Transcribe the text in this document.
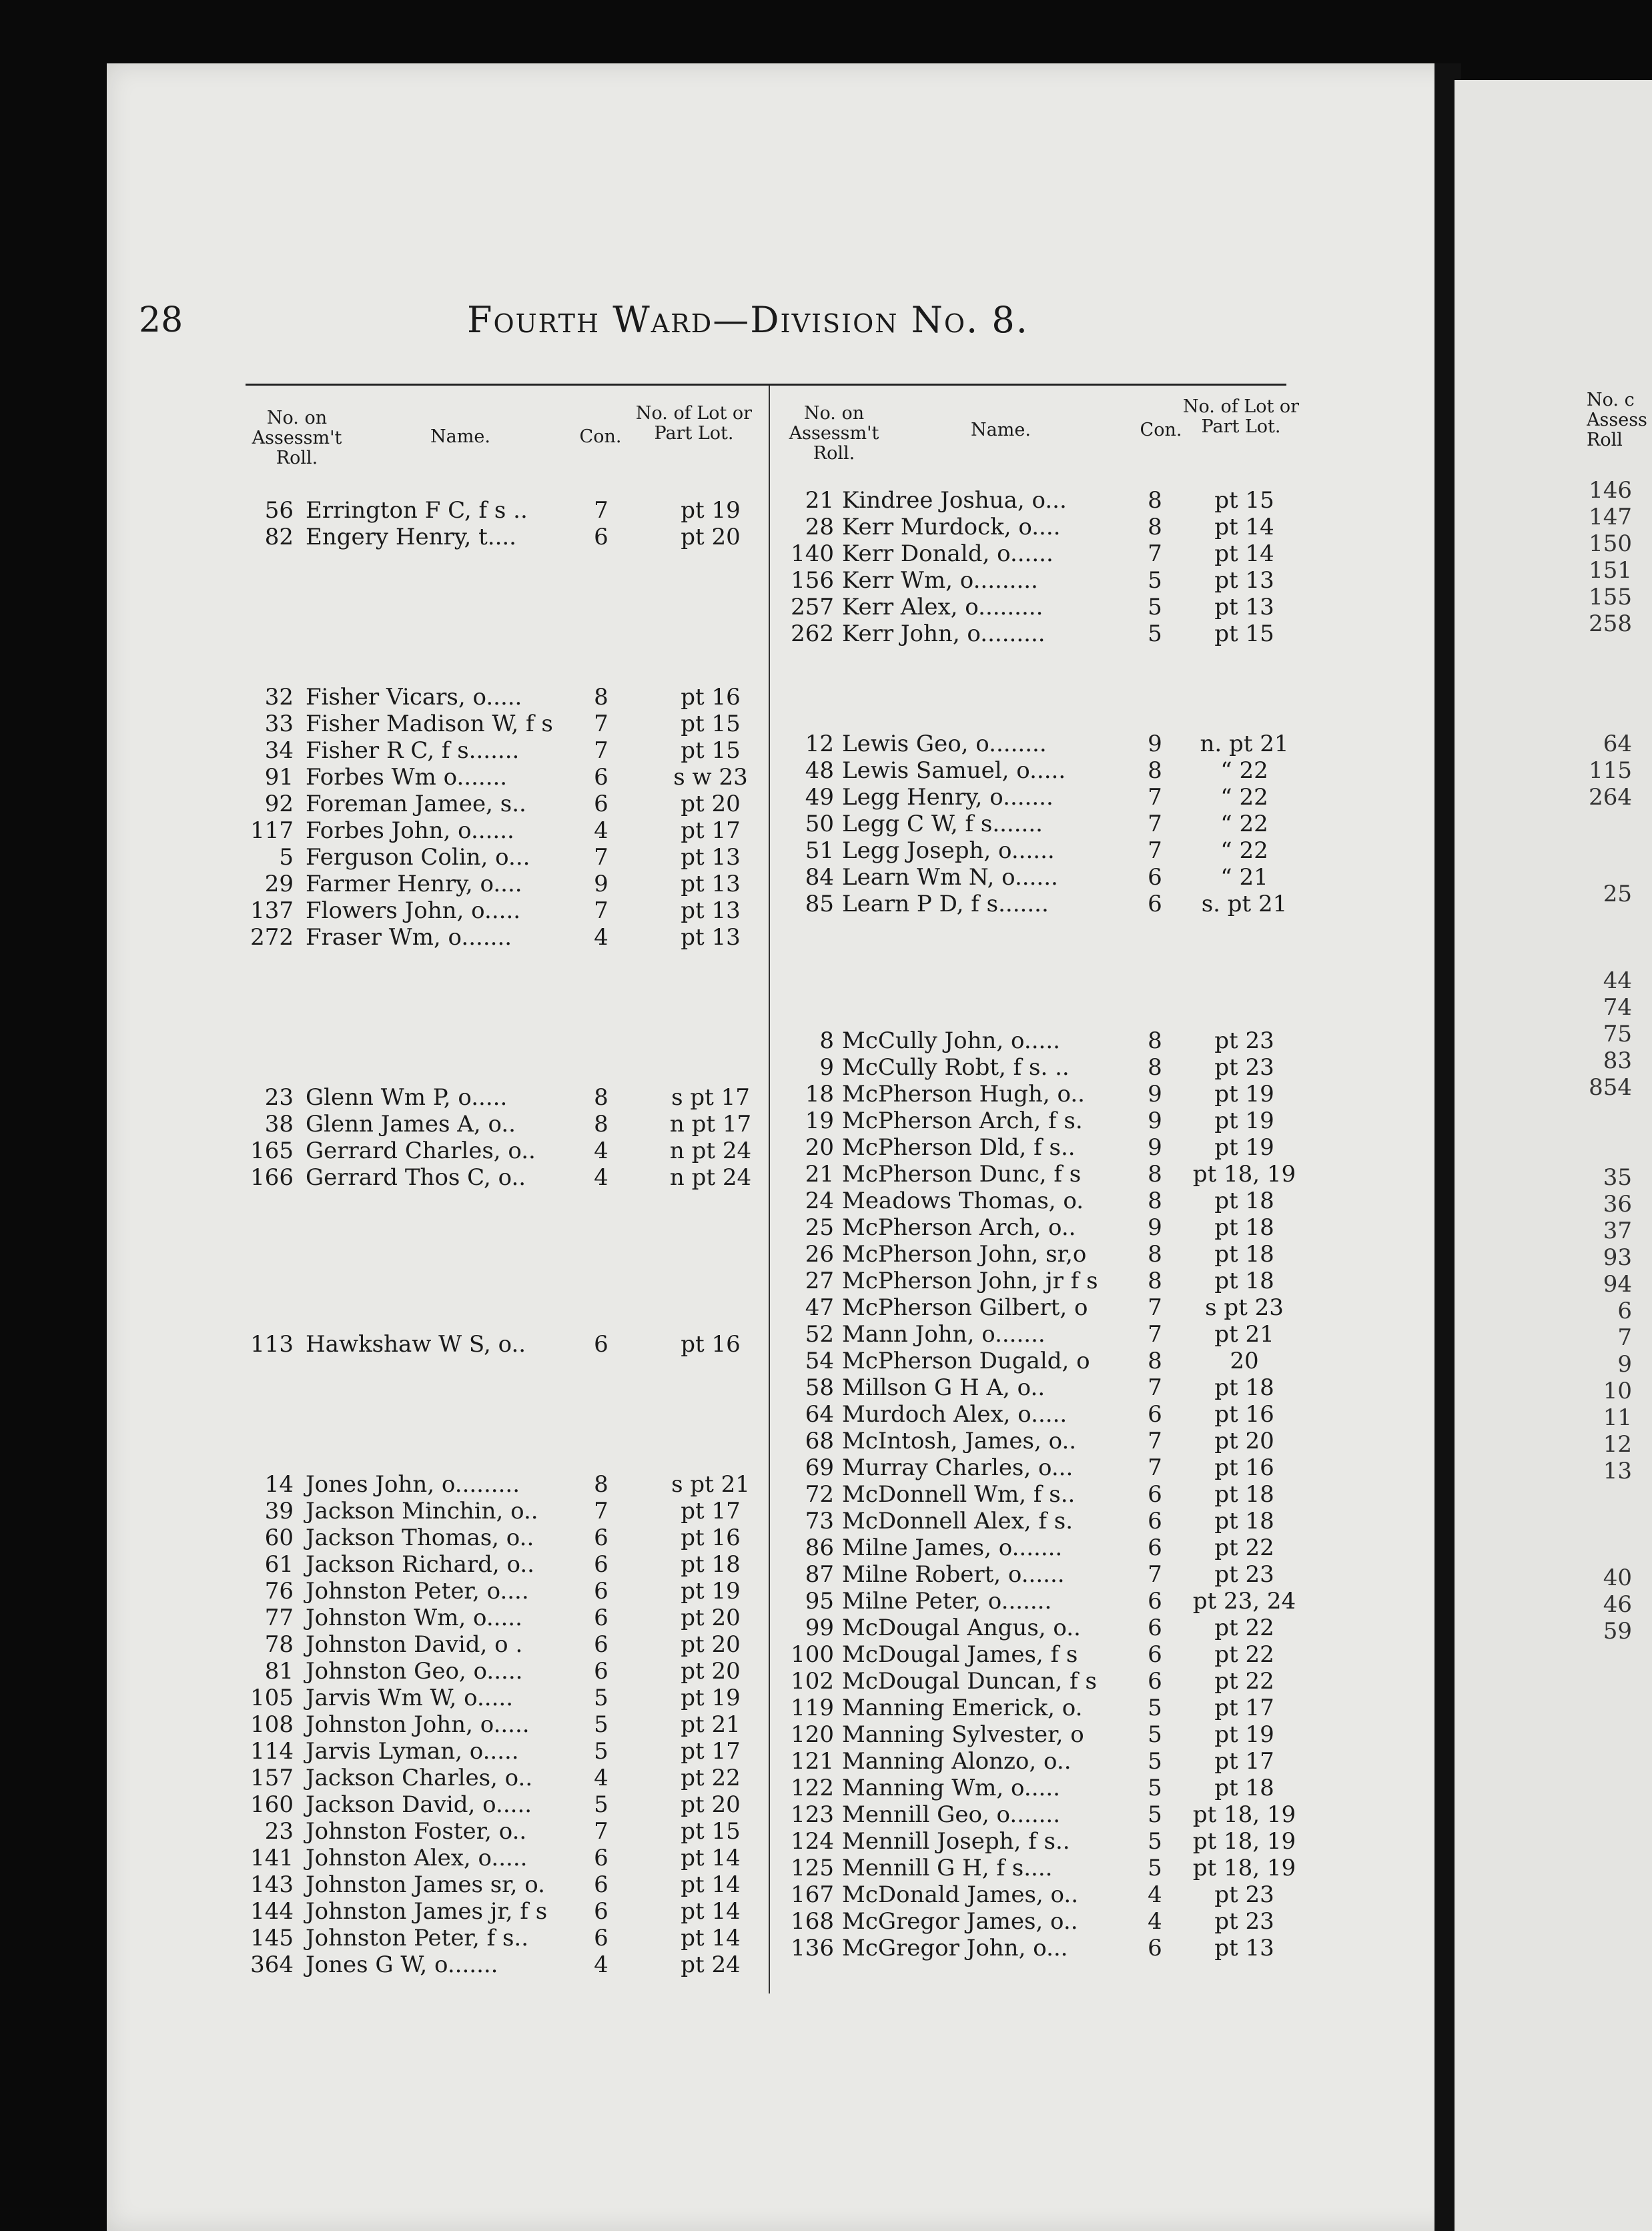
28	Fourth Ward—Division No. 8.
No. on Assessm't Roll.
Name.	Con.
No. of Lot or Part Lot.
No. on Assessm't Roll.
Name.	Con.
No. of Lot or Part Lot.
56 Errington F C, f s ..	7	pt 19
82 Engery Henry, t....	6	pt 20
32 Fisher Vicars, o.....	8	pt 16
33 Fisher Madison W, f s	7	pt 15
34 Fisher R C, f s.......	7	pt 15
91 Forbes Wm o.......	6	s w 23
92 Foreman Jamee, s..	6	pt 20
117 Forbes John, o......	4	pt 17
5 Ferguson Colin, o...	7	pt 13
29 Farmer Henry, o....	9	pt 13
137 Flowers John, o.....	7	pt 13
272 Fraser Wm, o.......	4	pt 13
23 Glenn Wm P, o.....	8	s pt 17
38 Glenn James A, o..	8	n pt 17
165 Gerrard Charles, o..	4	n pt 24
166 Gerrard Thos C, o..	4	n pt 24
113 Hawkshaw W S, o..	6	pt 16
14 Jones John, o.........	8	s pt 21
39 Jackson Minchin, o..	7	pt 17
60 Jackson Thomas, o..	6	pt 16
61 Jackson Richard, o..	6	pt 18
76 Johnston Peter, o....	6	pt 19
77 Johnston Wm, o.....	6	pt 20
78 Johnston David, o .	6	pt 20
81 Johnston Geo, o.....	6	pt 20
105 Jarvis Wm W, o.....	5	pt 19
108 Johnston John, o.....	5	pt 21
114 Jarvis Lyman, o.....	5	pt 17
157 Jackson Charles, o..	4	pt 22
160 Jackson David, o.....	5	pt 20
23 Johnston Foster, o..	7	pt 15
141 Johnston Alex, o.....	6	pt 14
143 Johnston James sr, o.	6	pt 14
144 Johnston James jr, f s	6	pt 14
145 Johnston Peter, f s..	6	pt 14
364 Jones G W, o.......	4	pt 24
21 Kindree Joshua, o...	8	pt 15
28 Kerr Murdock, o....	8	pt 14
140 Kerr Donald, o......	7	pt 14
156 Kerr Wm, o.........	5	pt 13
257 Kerr Alex, o.........	5	pt 13
262 Kerr John, o.........	5	pt 15
12 Lewis Geo, o........	9	n. pt 21
48 Lewis Samuel, o.....	8	“ 22
49 Legg Henry, o.......	7	“ 22
50 Legg C W, f s.......	7	“ 22
51 Legg Joseph, o......	7	“ 22
84 Learn Wm N, o......	6	“ 21
85 Learn P D, f s.......	6	s. pt 21
8 McCully John, o.....	8	pt 23
9 McCully Robt, f s. ..	8	pt 23
18 McPherson Hugh, o..	9	pt 19
19 McPherson Arch, f s.	9	pt 19
20 McPherson Dld, f s..	9	pt 19
21 McPherson Dunc, f s	8	pt 18, 19
24 Meadows Thomas, o.	8	pt 18
25 McPherson Arch, o..	9	pt 18
26 McPherson John, sr,o	8	pt 18
27 McPherson John, jr f s	8	pt 18
47 McPherson Gilbert, o	7	s pt 23
52 Mann John, o.......	7	pt 21
54 McPherson Dugald, o	8	20
58 Millson G H A, o..	7	pt 18
64 Murdoch Alex, o.....	6	pt 16
68 McIntosh, James, o..	7	pt 20
69 Murray Charles, o...	7	pt 16
72 McDonnell Wm, f s..	6	pt 18
73 McDonnell Alex, f s.	6	pt 18
86 Milne James, o.......	6	pt 22
87 Milne Robert, o......	7	pt 23
95 Milne Peter, o.......	6	pt 23, 24
99 McDougal Angus, o..	6	pt 22
100 McDougal James, f s	6	pt 22
102 McDougal Duncan, f s	6	pt 22
119 Manning Emerick, o.	5	pt 17
120 Manning Sylvester, o	5	pt 19
121 Manning Alonzo, o..	5	pt 17
122 Manning Wm, o.....	5	pt 18
123 Mennill Geo, o.......	5	pt 18, 19
124 Mennill Joseph, f s..	5	pt 18, 19
125 Mennill G H, f s....	5	pt 18, 19
167 McDonald James, o..	4	pt 23
168 McGregor James, o..	4	pt 23
136 McGregor John, o...	6	pt 13
No. c Assess Roll
146
147
150
151
155
258
64
115
264
25
44
74
75
83
854
35
36
37
93
94
6
7
9
10
11
12
13
40
46
59
